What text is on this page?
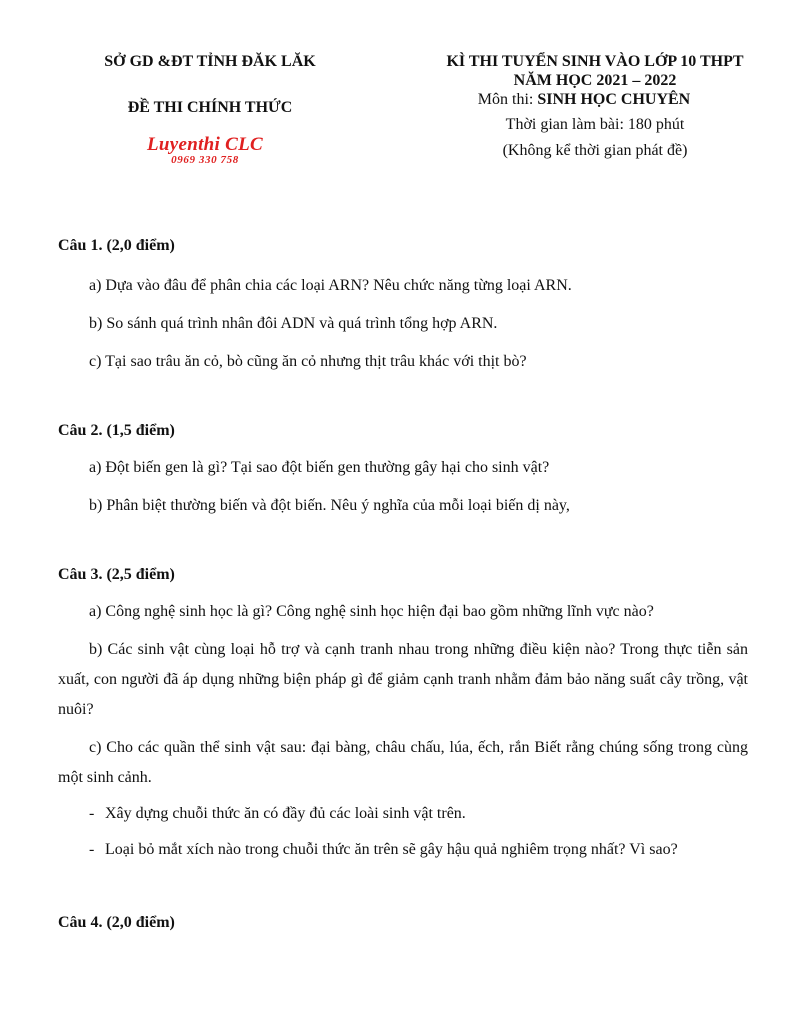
SỞ GD &ĐT TỈNH ĐĂK LĂK
ĐỀ THI CHÍNH THỨC
Luyenthi CLC
0969 330 758
KÌ THI TUYỂN SINH VÀO LỚP 10 THPT
NĂM HỌC 2021 – 2022
Môn thi: SINH HỌC CHUYÊN
Thời gian làm bài: 180 phút
(Không kể thời gian phát đề)
Câu 1. (2,0 điểm)
a) Dựa vào đâu để phân chia các loại ARN? Nêu chức năng từng loại ARN.
b) So sánh quá trình nhân đôi ADN và quá trình tổng hợp ARN.
c) Tại sao trâu ăn cỏ, bò cũng ăn cỏ nhưng thịt trâu khác với thịt bò?
Câu 2. (1,5 điểm)
a) Đột biến gen là gì? Tại sao đột biến gen thường gây hại cho sinh vật?
b) Phân biệt thường biến và đột biến. Nêu ý nghĩa của mỗi loại biến dị này,
Câu 3. (2,5 điểm)
a) Công nghệ sinh học là gì? Công nghệ sinh học hiện đại bao gồm những lĩnh vực nào?
b) Các sinh vật cùng loại hỗ trợ và cạnh tranh nhau trong những điều kiện nào? Trong thực tiễn sản xuất, con người đã áp dụng những biện pháp gì để giảm cạnh tranh nhằm đảm bảo năng suất cây trồng, vật nuôi?
c) Cho các quần thể sinh vật sau: đại bàng, châu chấu, lúa, ếch, rắn Biết rằng chúng sống trong cùng một sinh cảnh.
- Xây dựng chuỗi thức ăn có đầy đủ các loài sinh vật trên.
- Loại bỏ mắt xích nào trong chuỗi thức ăn trên sẽ gây hậu quả nghiêm trọng nhất? Vì sao?
Câu 4. (2,0 điểm)
